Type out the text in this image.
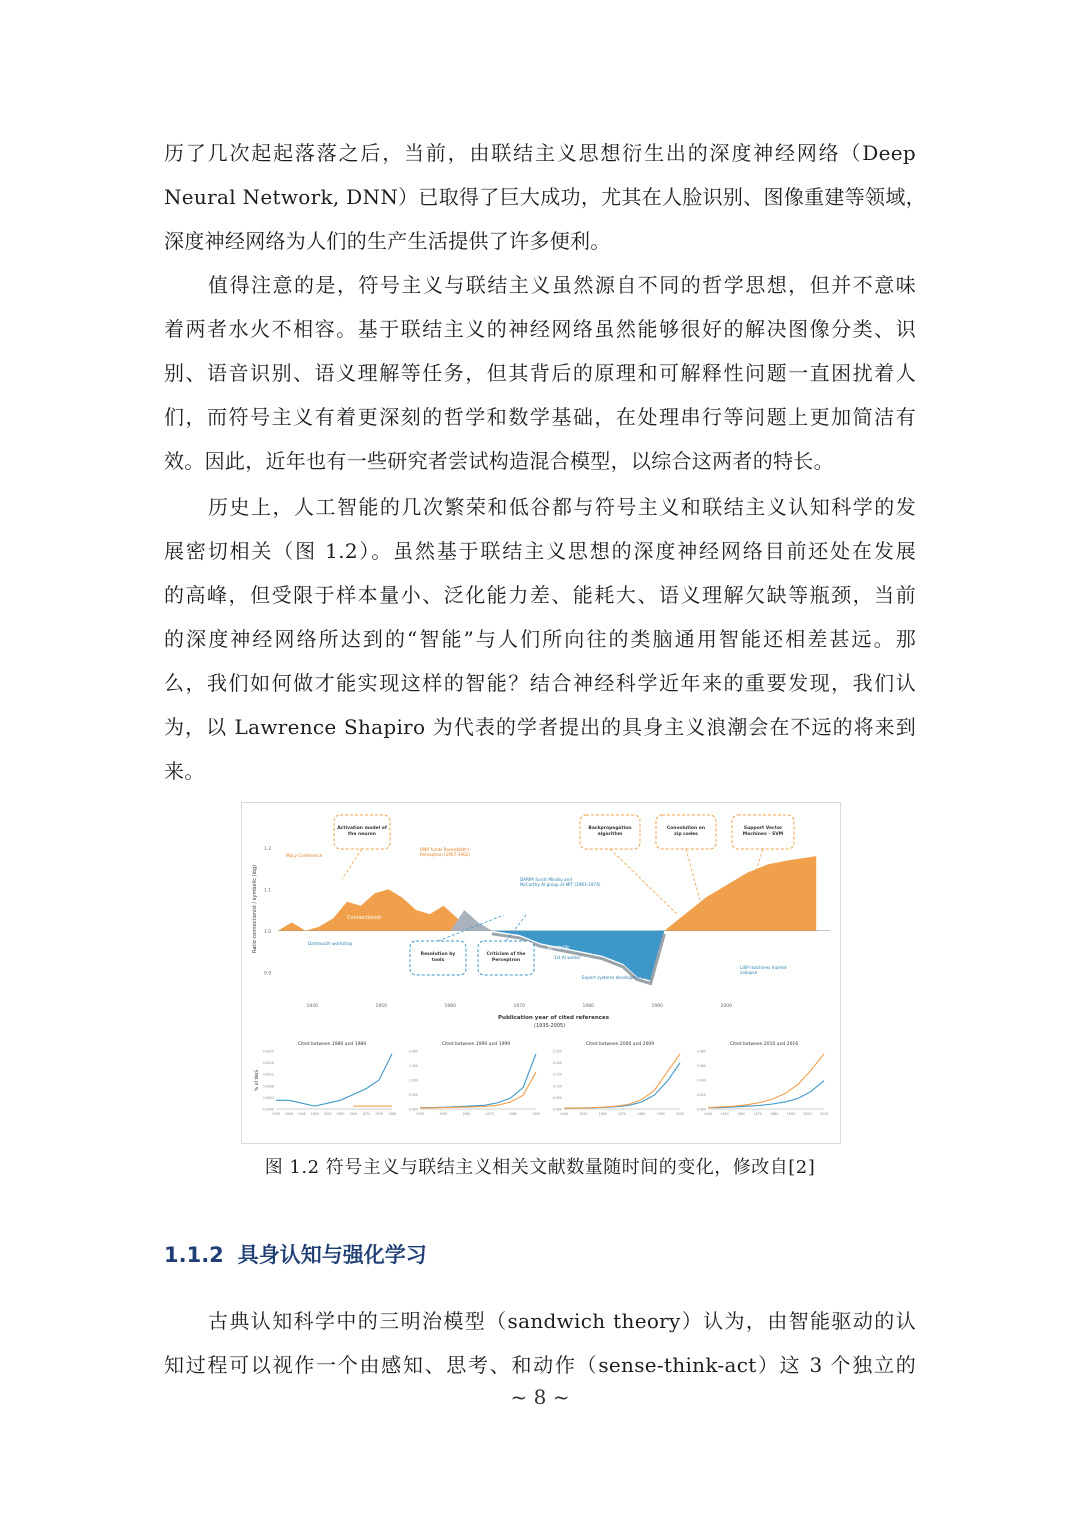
历了几次起起落落之后，当前，由联结主义思想衍生出的深度神经网络（Deep
Neural Network, DNN）已取得了巨大成功，尤其在人脸识别、图像重建等领域，
深度神经网络为人们的生产生活提供了许多便利。
值得注意的是，符号主义与联结主义虽然源自不同的哲学思想，但并不意味
着两者水火不相容。基于联结主义的神经网络虽然能够很好的解决图像分类、识
别、语音识别、语义理解等任务，但其背后的原理和可解释性问题一直困扰着人
们，而符号主义有着更深刻的哲学和数学基础，在处理串行等问题上更加简洁有
效。因此，近年也有一些研究者尝试构造混合模型，以综合这两者的特长。
历史上，人工智能的几次繁荣和低谷都与符号主义和联结主义认知科学的发
展密切相关（图 1.2）。虽然基于联结主义思想的深度神经网络目前还处在发展
的高峰，但受限于样本量小、泛化能力差、能耗大、语义理解欠缺等瓶颈，当前
的深度神经网络所达到的“智能”与人们所向往的类脑通用智能还相差甚远。那
么，我们如何做才能实现这样的智能？结合神经科学近年来的重要发现，我们认
为，以 Lawrence Shapiro 为代表的学者提出的具身主义浪潮会在不远的将来到
来。
Connectionist
Symbolic
Ratio connectionist / symbolic (log)
1.2
1.1
1.0
0.9
1940	1950	1960	1970	1980	1990	2000
Publication year of cited references
(1935-2005)
Activation model of the neuron
Backpropagation algorithm
Convolution on zip codes
Support Vector Machines – SVM
Resolution by tools
Criticism of the Perceptron
Macy Conference
ONR funds Rosenblatt's Perceptron (1957-1962)
DARPA funds Minsky and McCarthy AI group at MIT (1963-1974)
Dartmouth workshop
1st AI winter
Expert systems development
LISP machines market collapse
Cited between 1980 and 1989
% of WoS
0.0020
0.0016
0.0012
0.0008
0.0004
0.0000
1935 1940 1945 1950 1955 1960 1965 1970 1975 1980
Cited between 1990 and 1999
2.000
1.500
1.000
0.500
0.000
1945	1955	1965	1975	1985	1995
Cited between 2000 and 2009
0.250
0.200
0.150
0.100
0.050
0.000
1940	1950	1960	1970	1980	1990	2000
Cited between 2010 and 2016
0.080
0.060
0.040
0.020
0.000
1940	1950	1960	1970	1980	1990	2000	2010
图 1.2 符号主义与联结主义相关文献数量随时间的变化，修改自[2]
1.1.2 具身认知与强化学习
古典认知科学中的三明治模型（sandwich theory）认为，由智能驱动的认
知过程可以视作一个由感知、思考、和动作（sense-think-act）这 3 个独立的
~ 8 ~
